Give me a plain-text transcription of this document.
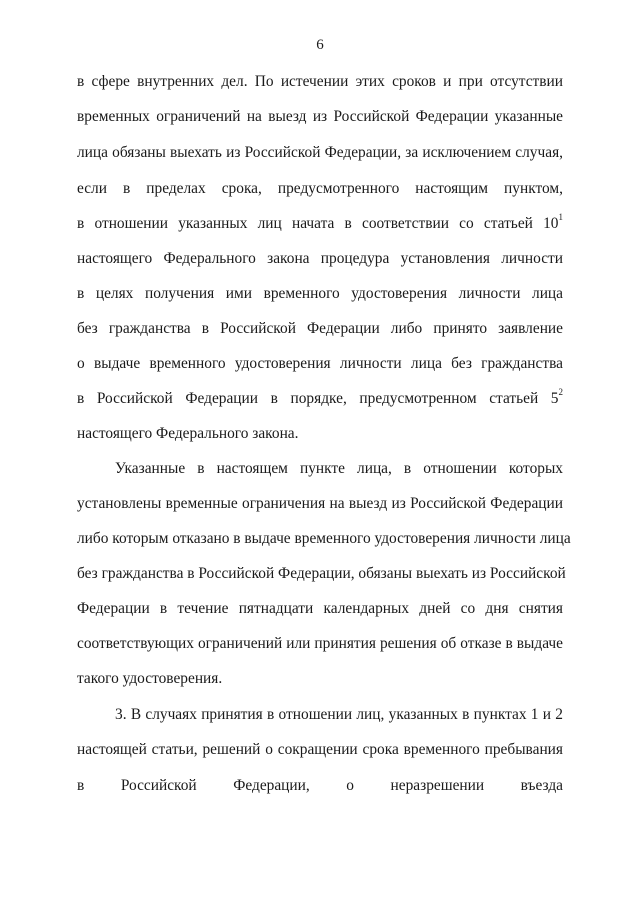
6
в сфере внутренних дел. По истечении этих сроков и при отсутствии
временных ограничений на выезд из Российской Федерации указанные
лица обязаны выехать из Российской Федерации, за исключением случая,
если в пределах срока, предусмотренного настоящим пунктом,
в отношении указанных лиц начата в соответствии со статьей $10^1$
настоящего Федерального закона процедура установления личности
в целях получения ими временного удостоверения личности лица
без гражданства в Российской Федерации либо принято заявление
о выдаче временного удостоверения личности лица без гражданства
в Российской Федерации в порядке, предусмотренном статьей $5^2$
настоящего Федерального закона.
Указанные в настоящем пункте лица, в отношении которых
установлены временные ограничения на выезд из Российской Федерации
либо которым отказано в выдаче временного удостоверения личности лица
без гражданства в Российской Федерации, обязаны выехать из Российской
Федерации в течение пятнадцати календарных дней со дня снятия
соответствующих ограничений или принятия решения об отказе в выдаче
такого удостоверения.
3. В случаях принятия в отношении лиц, указанных в пунктах 1 и 2
настоящей статьи, решений о сокращении срока временного пребывания
в Российской Федерации, о неразрешении въезда
